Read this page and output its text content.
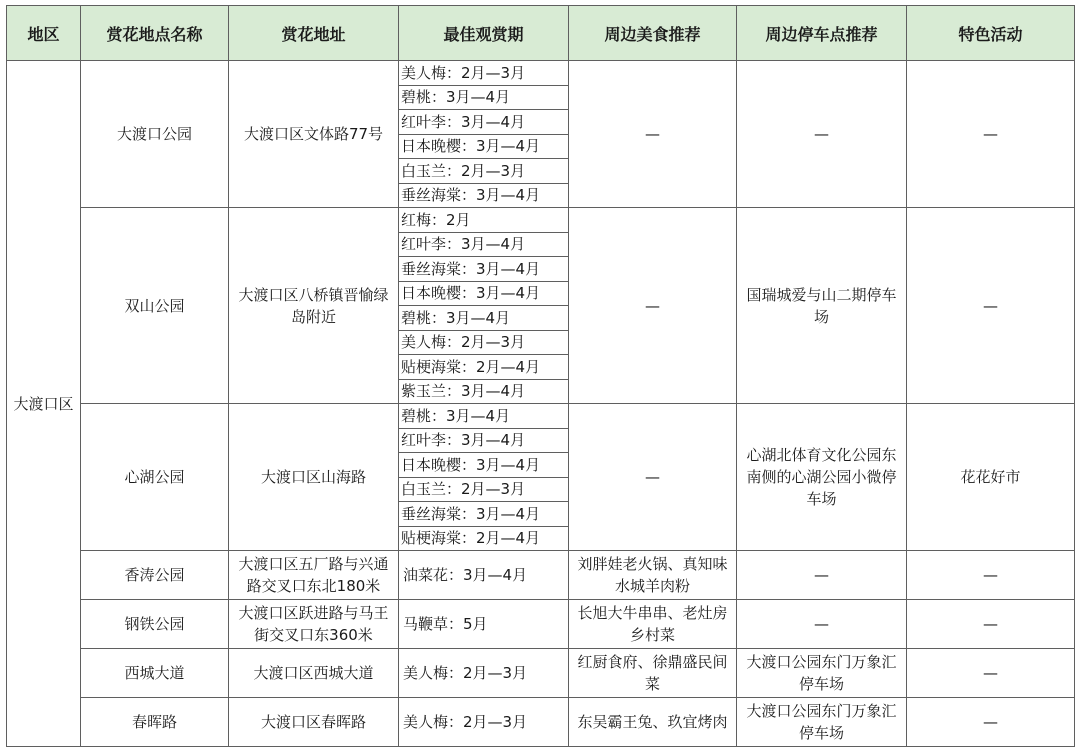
地区	赏花地点名称	赏花地址	最佳观赏期	周边美食推荐	周边停车点推荐	特色活动
大渡口区	大渡口公园	大渡口区文体路77号	美人梅：2月—3月	—	—	—
			碧桃：3月—4月			
			红叶李：3月—4月			
			日本晚樱：3月—4月			
			白玉兰：2月—3月			
			垂丝海棠：3月—4月			
	双山公园	大渡口区八桥镇晋愉绿岛附近	红梅：2月	—	国瑞城爱与山二期停车场	—
			红叶李：3月—4月			
			垂丝海棠：3月—4月			
			日本晚樱：3月—4月			
			碧桃：3月—4月			
			美人梅：2月—3月			
			贴梗海棠：2月—4月			
			紫玉兰：3月—4月			
	心湖公园	大渡口区山海路	碧桃：3月—4月	—	心湖北体育文化公园东南侧的心湖公园小微停车场	花花好市
			红叶李：3月—4月			
			日本晚樱：3月—4月			
			白玉兰：2月—3月			
			垂丝海棠：3月—4月			
			贴梗海棠：2月—4月			
	香涛公园	大渡口区五厂路与兴通路交叉口东北180米	油菜花：3月—4月	刘胖娃老火锅、真知味水城羊肉粉	—	—
	钢铁公园	大渡口区跃进路与马王街交叉口东360米	马鞭草：5月	长旭大牛串串、老灶房乡村菜	—	—
	西城大道	大渡口区西城大道	美人梅：2月—3月	红厨食府、徐鼎盛民间菜	大渡口公园东门万象汇停车场	—
	春晖路	大渡口区春晖路	美人梅：2月—3月	东吴霸王兔、玖宜烤肉	大渡口公园东门万象汇停车场	—
